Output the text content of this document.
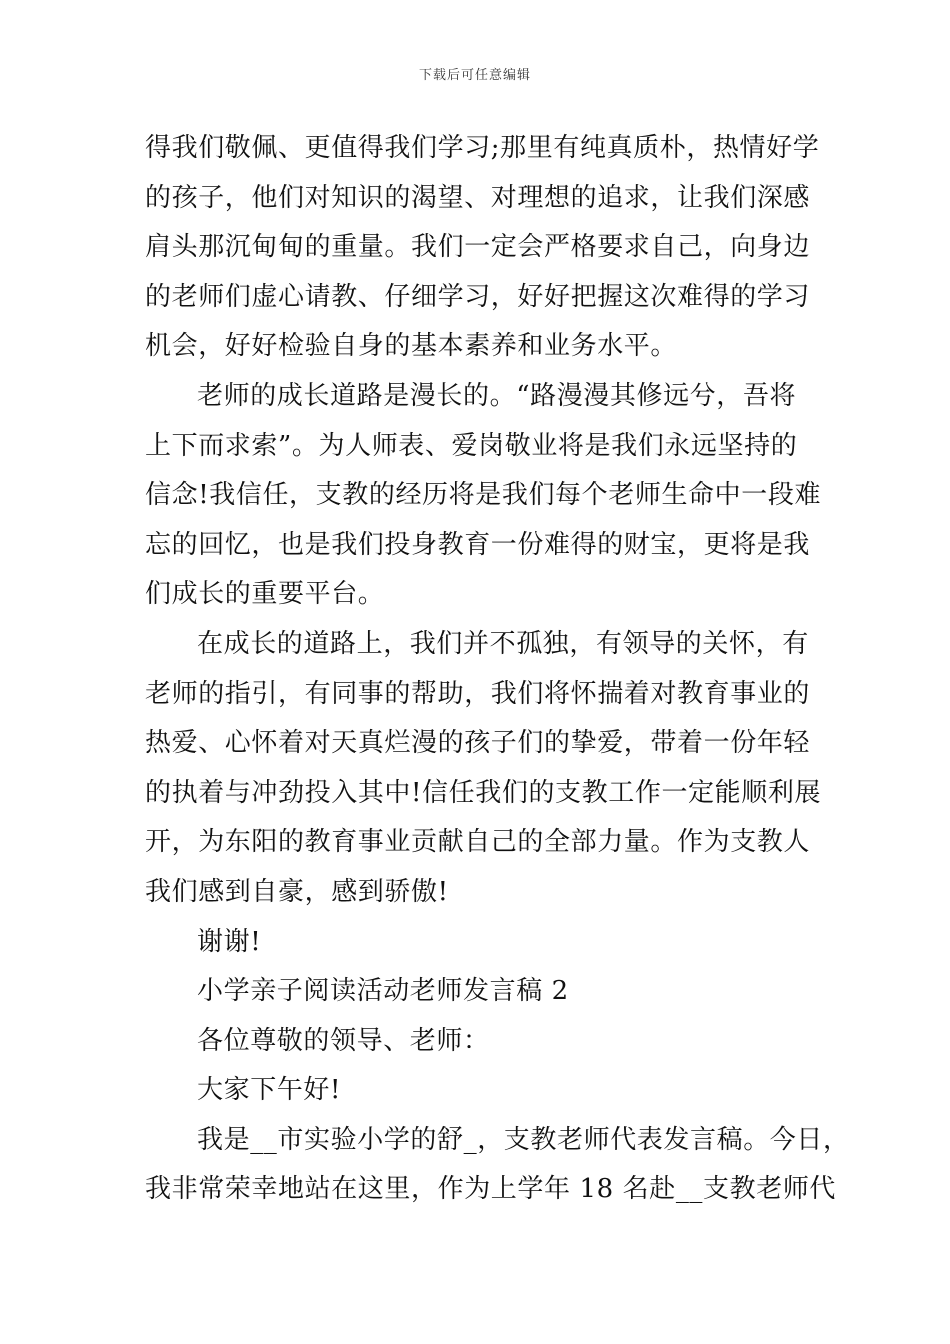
下载后可任意编辑
得我们敬佩、更值得我们学习;那里有纯真质朴，热情好学
的孩子，他们对知识的渴望、对理想的追求，让我们深感
肩头那沉甸甸的重量。我们一定会严格要求自己，向身边
的老师们虚心请教、仔细学习，好好把握这次难得的学习
机会，好好检验自身的基本素养和业务水平。
老师的成长道路是漫长的。“路漫漫其修远兮，吾将
上下而求索”。为人师表、爱岗敬业将是我们永远坚持的
信念!我信任，支教的经历将是我们每个老师生命中一段难
忘的回忆，也是我们投身教育一份难得的财宝，更将是我
们成长的重要平台。
在成长的道路上，我们并不孤独，有领导的关怀，有
老师的指引，有同事的帮助，我们将怀揣着对教育事业的
热爱、心怀着对天真烂漫的孩子们的挚爱，带着一份年轻
的执着与冲劲投入其中!信任我们的支教工作一定能顺利展
开，为东阳的教育事业贡献自己的全部力量。作为支教人
我们感到自豪，感到骄傲!
谢谢!
小学亲子阅读活动老师发言稿 2
各位尊敬的领导、老师：
大家下午好!
我是__市实验小学的舒_，支教老师代表发言稿。今日，
我非常荣幸地站在这里，作为上学年 18 名赴__支教老师代
